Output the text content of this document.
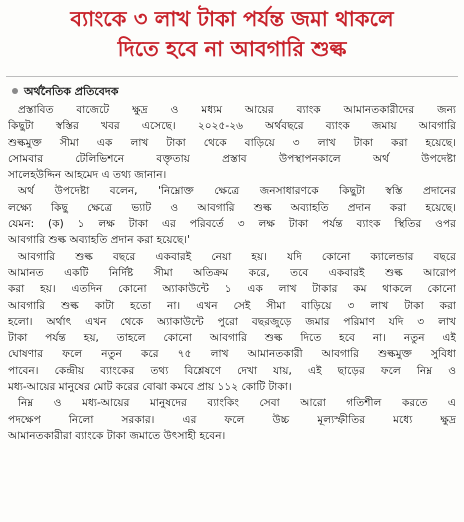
ব্যাংকে ৩ লাখ টাকা পর্যন্ত জমা থাকলে
দিতে হবে না আবগারি শুল্ক
অর্থনৈতিক প্রতিবেদক
প্রস্তাবিত বাজেটে ক্ষুদ্র ও মধ্যম আয়ের ব্যাংক আমানতকারীদের জন্য
কিছুটা স্বস্তির খবর এসেছে। ২০২৫-২৬ অর্থবছরে ব্যাংক জমায় আবগারি
শুল্কমুক্ত সীমা এক লাখ টাকা থেকে বাড়িয়ে ৩ লাখ টাকা করা হয়েছে।
সোমবার টেলিভিশনে বক্তৃতায় প্রস্তাব উপস্থাপনকালে অর্থ উপদেষ্টা
সালেহউদ্দিন আহমেদ এ তথ্য জানান।
অর্থ উপদেষ্টা বলেন, 'নিম্নোক্ত ক্ষেত্রে জনসাধারণকে কিছুটা স্বস্তি প্রদানের
লক্ষ্যে কিছু ক্ষেত্রে ভ্যাট ও আবগারি শুল্ক অব্যাহতি প্রদান করা হয়েছে।
যেমন: (ক) ১ লক্ষ টাকা এর পরিবর্তে ৩ লক্ষ টাকা পর্যন্ত ব্যাংক স্থিতির ওপর
আবগারি শুল্ক অব্যাহতি প্রদান করা হয়েছে।'
আবগারি শুল্ক বছরে একবারই নেয়া হয়। যদি কোনো ক্যালেন্ডার বছরে
আমানত একটি নির্দিষ্ট সীমা অতিক্রম করে, তবে একবারই শুল্ক আরোপ
করা হয়। এতদিন কোনো অ্যাকাউন্টে ১ এক লাখ টাকার কম থাকলে কোনো
আবগারি শুল্ক কাটা হতো না। এখন সেই সীমা বাড়িয়ে ৩ লাখ টাকা করা
হলো। অর্থাৎ এখন থেকে অ্যাকাউন্টে পুরো বছরজুড়ে জমার পরিমাণ যদি ৩ লাখ
টাকা পর্যন্ত হয়, তাহলে কোনো আবগারি শুল্ক দিতে হবে না। নতুন এই
ঘোষণার ফলে নতুন করে ৭৫ লাখ আমানতকারী আবগারি শুল্কমুক্ত সুবিধা
পাবেন। কেন্দ্রীয় ব্যাংকের তথ্য বিশ্লেষণে দেখা যায়, এই ছাড়ের ফলে নিম্ন ও
মধ্য-আয়ের মানুষের মোট করের বোঝা কমবে প্রায় ১১২ কোটি টাকা।
নিম্ন ও মধ্য-আয়ের মানুষদের ব্যাংকিং সেবা আরো গতিশীল করতে এ
পদক্ষেপ নিলো সরকার। এর ফলে উচ্চ মূল্যস্ফীতির মধ্যে ক্ষুদ্র
আমানতকারীরা ব্যাংকে টাকা জমাতে উৎসাহী হবেন।
